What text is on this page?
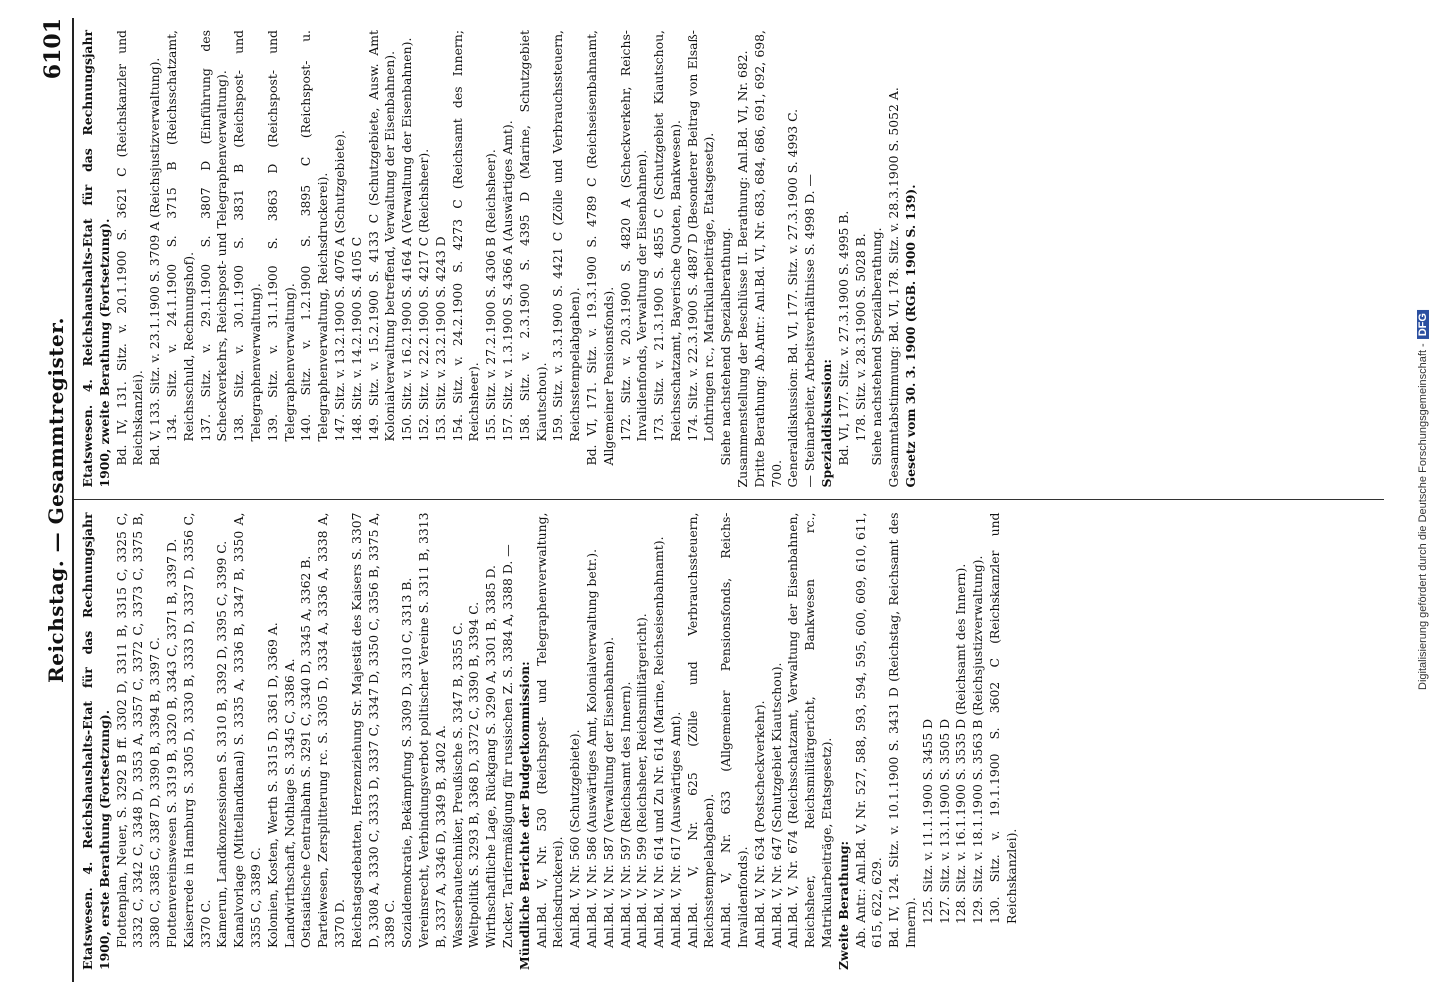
Reichstag. — Gesammtregister.
6101
Etatswesen. 4. Reichshaushalts-Etat für das Rechnungsjahr 1900, erste Berathung (Fortsetzung). Flottenplan, Neuer, S. 3292 B ff. 3302 D, 3311 B, 3315 C, 3325 C, 3332 C, 3342 C, 3348 D, 3353 A, 3357 C, 3372 C, 3373 C, 3375 B, 3380 C, 3385 C, 3387 D, 3390 B, 3394 B, 3397 C. Flottenvereinswesen S. 3319 B, 3320 B, 3343 C, 3371 B, 3397 D. Kaiserrede in Hamburg S. 3305 D, 3330 B, 3333 D, 3337 D, 3356 C, 3370 C. Kamerun, Landkonzessionen S. 3310 B, 3392 D, 3395 C, 3399 C. Kanalvorlage (Mittellandkanal) S. 3335 A, 3336 B, 3347 B, 3350 A, 3355 C, 3389 C. Kolonien, Kosten, Werth S. 3315 D, 3361 D, 3369 A. Landwirthschaft, Nothlage S. 3345 C, 3386 A. Ostasiatische Centralbahn S. 3291 C, 3340 D, 3345 A, 3362 B. Parteiwesen, Zersplitterung rc. S. 3305 D, 3334 A, 3336 A, 3338 A, 3370 D. Reichstagsdebatten, Herzenziehung Sr. Majestät des Kaisers S. 3307 D, 3308 A, 3330 C, 3333 D, 3337 C, 3347 D, 3350 C, 3356 B, 3375 A, 3389 C. Sozialdemokratie, Bekämpfung S. 3309 D, 3310 C, 3313 B. Vereinsrecht, Verbindungsverbot politischer Vereine S. 3311 B, 3313 B, 3337 A, 3346 D, 3349 B, 3402 A. Wasserbautechniker, Preußische S. 3347 B, 3355 C. Weltpolitik S. 3293 B, 3368 D, 3372 C, 3390 B, 3394 C. Wirthschaftliche Lage, Rückgang S. 3290 A, 3301 B, 3385 D. Zucker, Tarifermäßigung für russischen Z. S. 3384 A, 3388 D. — Mündliche Berichte der Budgetkommission: Anl.Bd. V, Nr. 530 (Reichspost- und Telegraphenverwaltung, Reichsdruckerei). Anl.Bd. V, Nr. 560 (Schutzgebiete). Anl.Bd. V, Nr. 586 (Auswärtiges Amt, Kolonialverwaltung betr.). Anl.Bd. V, Nr. 587 (Verwaltung der Eisenbahnen). Anl.Bd. V, Nr. 597 (Reichsamt des Innern). Anl.Bd. V, Nr. 599 (Reichsheer, Reichsmilitärgericht). Anl.Bd. V, Nr. 614 und Zu Nr. 614 (Marine, Reichseisenbahnamt). Anl.Bd. V, Nr. 617 (Auswärtiges Amt). Anl.Bd. V, Nr. 625 (Zölle und Verbrauchssteuern, Reichsstempelabgaben). Anl.Bd. V, Nr. 633 (Allgemeiner Pensionsfonds, Reichs-Invalidenfonds). Anl.Bd. V, Nr. 634 (Postscheckverkehr). Anl.Bd. V, Nr. 647 (Schutzgebiet Kiautschou). Anl.Bd. V, Nr. 674 (Reichsschatzamt, Verwaltung der Eisenbahnen, Reichsheer, Reichsmilitärgericht, Bankwesen rc., Matrikularbeiträge, Etatsgesetz). Zweite Berathung: Ab. Antr.: Anl.Bd. V, Nr. 527, 588, 593, 594, 595, 600, 609, 610, 611, 615, 622, 629. Bd. IV, 124. Sitz. v. 10.1.1900 S. 3431 D (Reichstag, Reichsamt des Innern). 125. Sitz. v. 11.1.1900 S. 3455 D 127. Sitz. v. 13.1.1900 S. 3505 D 128. Sitz. v. 16.1.1900 S. 3535 D (Reichsamt des Innern). 129. Sitz. v. 18.1.1900 S. 3563 B (Reichsjustizverwaltung). 130. Sitz. v. 19.1.1900 S. 3602 C (Reichskanzler und Reichskanzlei).
Etatswesen. 4. Reichshaushalts-Etat für das Rechnungsjahr 1900, zweite Berathung (Fortsetzung). Bd. IV, 131. Sitz. v. 20.1.1900 S. 3621 C (Reichskanzler und Reichskanzlei). Bd. V, 133. Sitz. v. 23.1.1900 S. 3709 A (Reichsjustizverwaltung). 134. Sitz. v. 24.1.1900 S. 3715 B (Reichsschatzamt, Reichsschuld, Rechnungshof). 137. Sitz. v. 29.1.1900 S. 3807 D (Einführung des Scheckverkehrs, Reichspost- und Telegraphenverwaltung). 138. Sitz. v. 30.1.1900 S. 3831 B (Reichspost- und Telegraphenverwaltung). 139. Sitz. v. 31.1.1900 S. 3863 D (Reichspost- und Telegraphenverwaltung). 140. Sitz. v. 1.2.1900 S. 3895 C (Reichspost- u. Telegraphenverwaltung, Reichsdruckerei). 147. Sitz. v. 13.2.1900 S. 4076 A (Schutzgebiete). 148. Sitz. v. 14.2.1900 S. 4105 C 149. Sitz. v. 15.2.1900 S. 4133 C (Schutzgebiete, Ausw. Amt Kolonialverwaltung betreffend, Verwaltung der Eisenbahnen). 150. Sitz. v. 16.2.1900 S. 4164 A (Verwaltung der Eisenbahnen). 152. Sitz. v. 22.2.1900 S. 4217 C (Reichsheer). 153. Sitz. v. 23.2.1900 S. 4243 D 154. Sitz. v. 24.2.1900 S. 4273 C (Reichsamt des Innern; Reichsheer). 155. Sitz. v. 27.2.1900 S. 4306 B (Reichsheer). 157. Sitz. v. 1.3.1900 S. 4366 A (Auswärtiges Amt). 158. Sitz. v. 2.3.1900 S. 4395 D (Marine, Schutzgebiet Kiautschou). 159. Sitz. v. 3.3.1900 S. 4421 C (Zölle und Verbrauchssteuern, Reichsstempelabgaben). Bd. VI, 171. Sitz. v. 19.3.1900 S. 4789 C (Reichseisenbahnamt, Allgemeiner Pensionsfonds). 172. Sitz. v. 20.3.1900 S. 4820 A (Scheckverkehr, Reichs-Invalidenfonds, Verwaltung der Eisenbahnen). 173. Sitz. v. 21.3.1900 S. 4855 C (Schutzgebiet Kiautschou, Reichsschatzamt, Bayerische Quoten, Bankwesen). 174. Sitz. v. 22.3.1900 S. 4887 D (Besonderer Beitrag von Elsaß-Lothringen rc., Matrikularbeiträge, Etatsgesetz). Siehe nachstehend Spezialberathung. Zusammenstellung der Beschlüsse II. Berathung: Anl.Bd. VI, Nr. 682. Dritte Berathung: Ab.Antr.: Anl.Bd. VI, Nr. 683, 684, 686, 691, 692, 698, 700. Generaldiskussion: Bd. VI, 177. Sitz. v. 27.3.1900 S. 4993 C. — Steinarbeiter, Arbeitsverhältnisse S. 4998 D. — Spezialdiskussion: Bd. VI, 177. Sitz. v. 27.3.1900 S. 4995 B. 178. Sitz. v. 28.3.1900 S. 5028 B. Siehe nachstehend Spezialberathung. Gesammtabstimmung: Bd. VI, 178. Sitz. v. 28.3.1900 S. 5052 A. Gesetz vom 30. 3. 1900 (RGB. 1900 S. 139).
Digitalisierung gefördert durch die Deutsche Forschungsgemeinschaft -DFG
